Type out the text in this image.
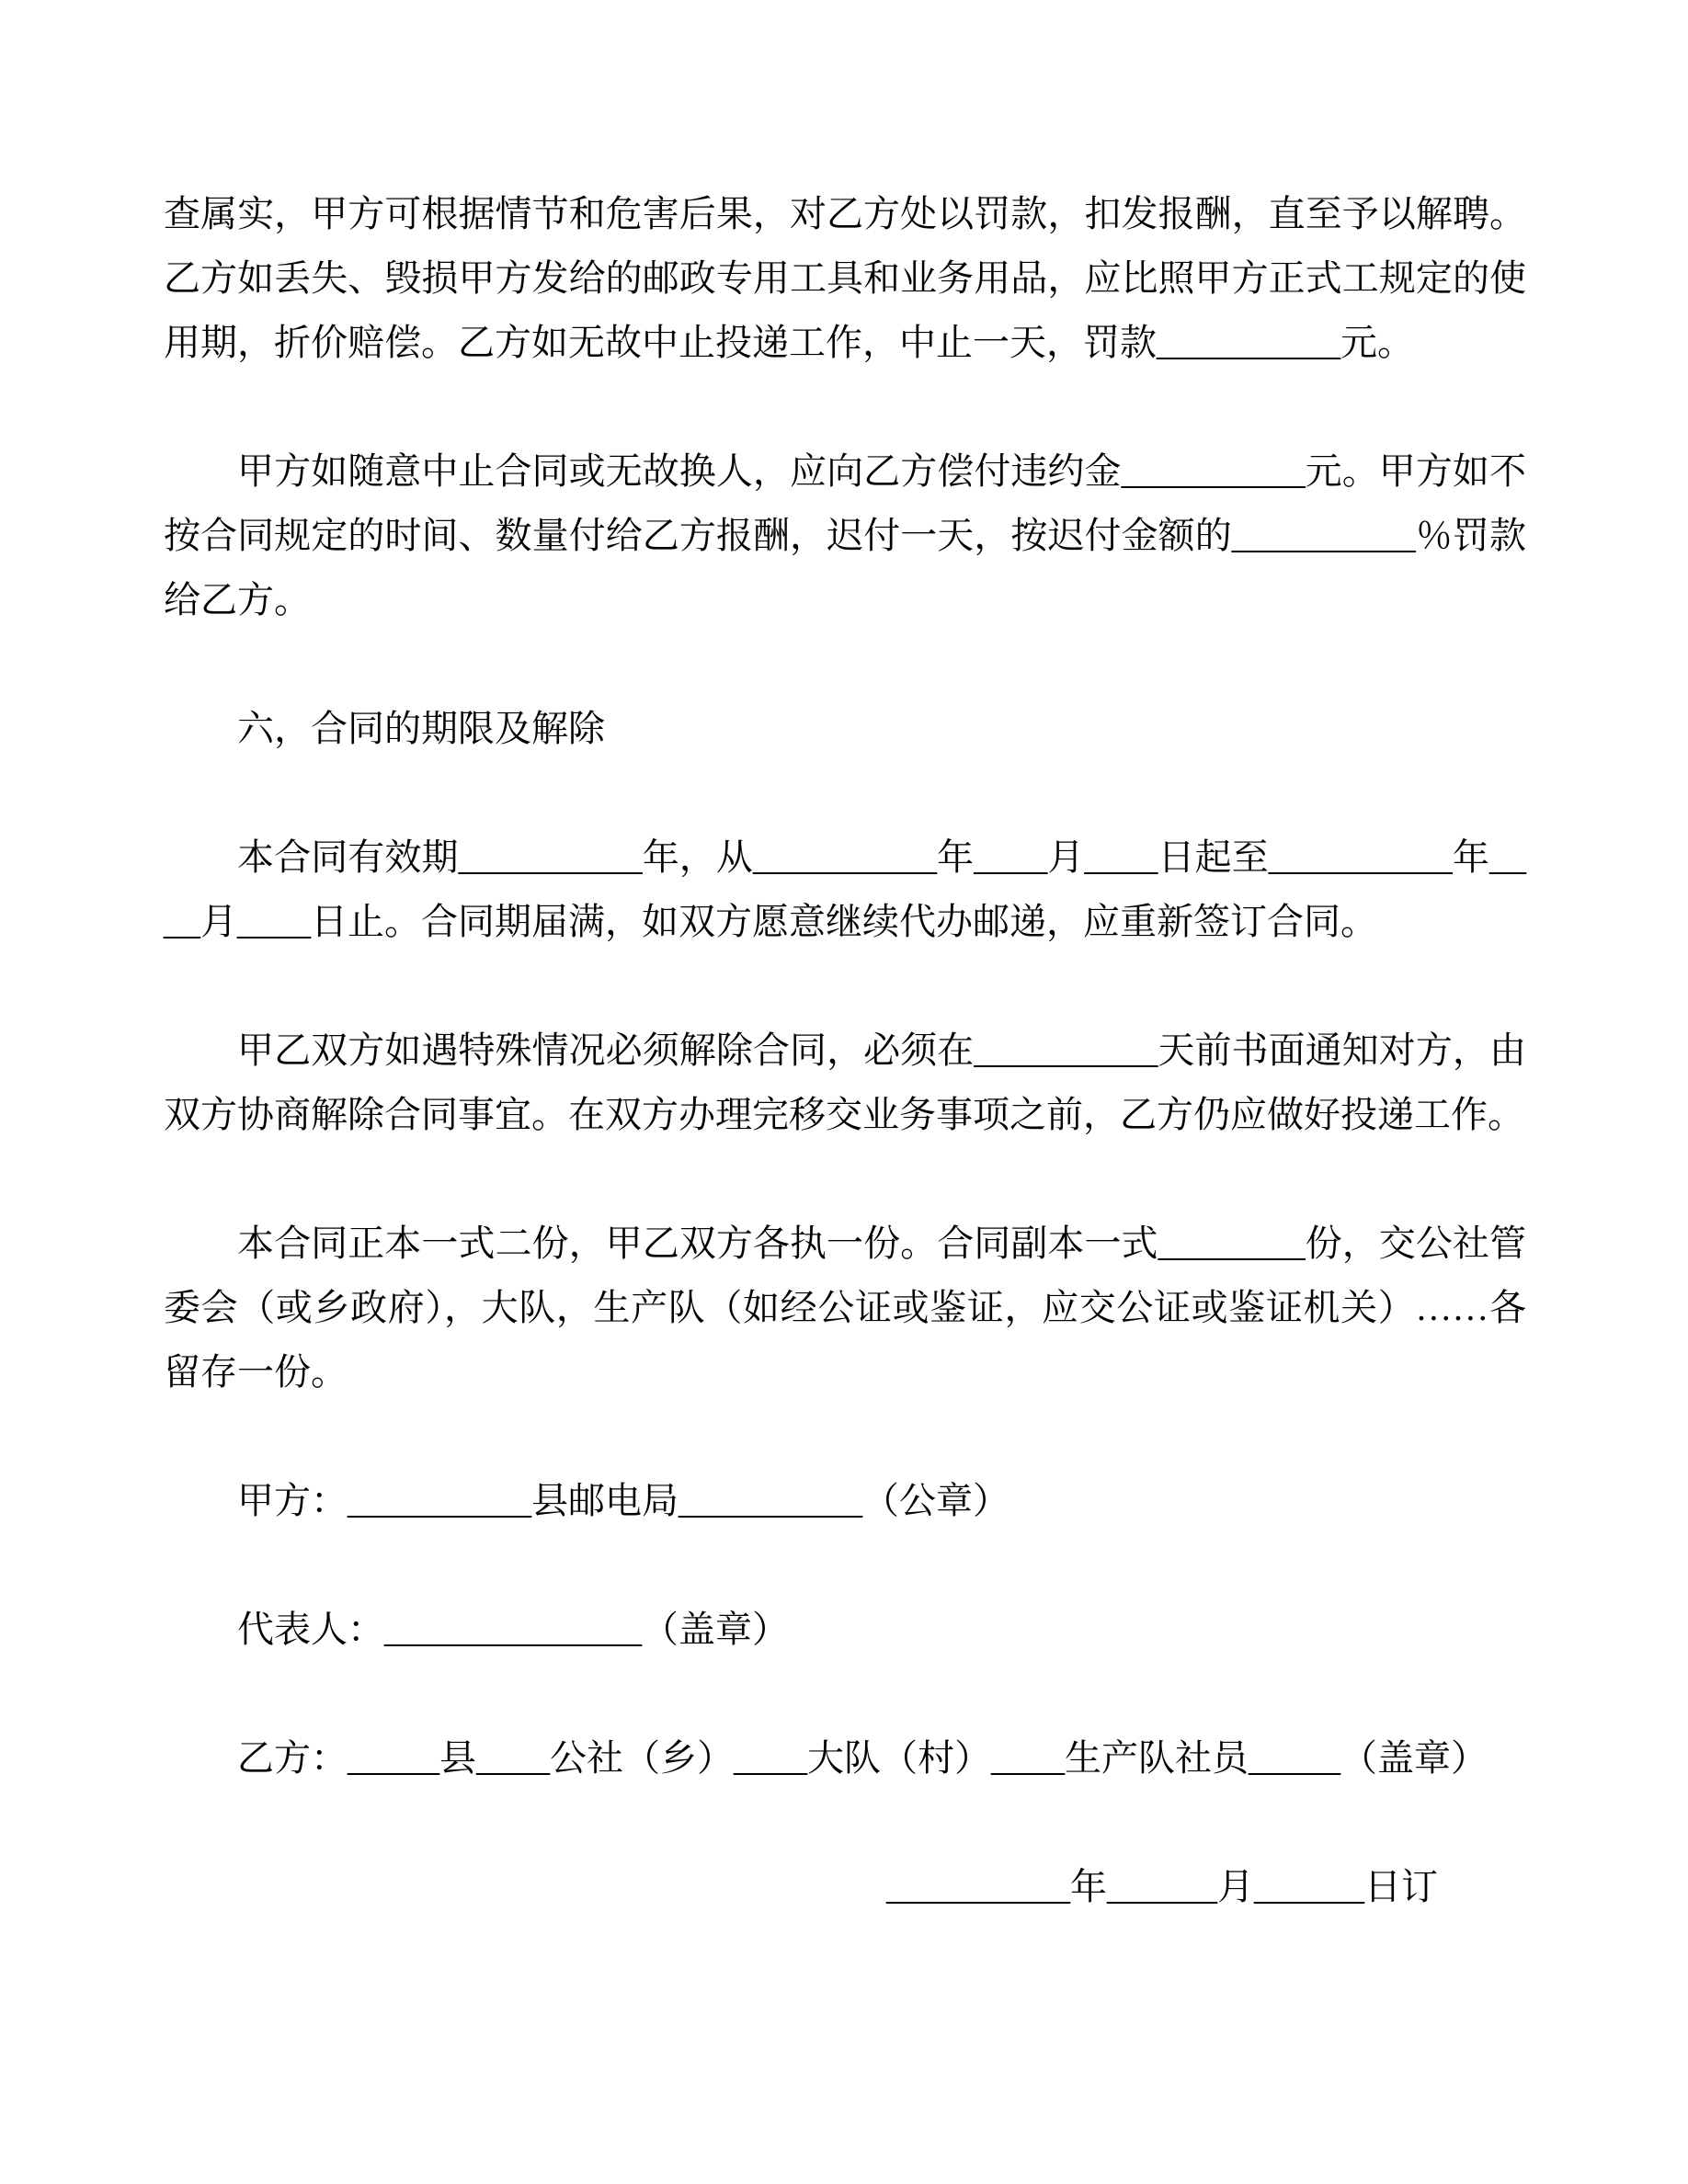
查属实，甲方可根据情节和危害后果，对乙方处以罚款，扣发报酬，直至予以解聘。乙方如丢失、毁损甲方发给的邮政专用工具和业务用品，应比照甲方正式工规定的使用期，折价赔偿。乙方如无故中止投递工作，中止一天，罚款__________元。

甲方如随意中止合同或无故换人，应向乙方偿付违约金__________元。甲方如不按合同规定的时间、数量付给乙方报酬，迟付一天，按迟付金额的__________％罚款给乙方。

六，合同的期限及解除

本合同有效期__________年，从__________年____月____日起至__________年____月____日止。合同期届满，如双方愿意继续代办邮递，应重新签订合同。

甲乙双方如遇特殊情况必须解除合同，必须在__________天前书面通知对方，由双方协商解除合同事宜。在双方办理完移交业务事项之前，乙方仍应做好投递工作。

本合同正本一式二份，甲乙双方各执一份。合同副本一式________份，交公社管委会（或乡政府），大队，生产队（如经公证或鉴证，应交公证或鉴证机关）……各留存一份。

甲方：__________县邮电局__________（公章）

代表人：______________（盖章）

乙方：_____县____公社（乡）____大队（村）____生产队社员_____（盖章）

__________年______月______日订
